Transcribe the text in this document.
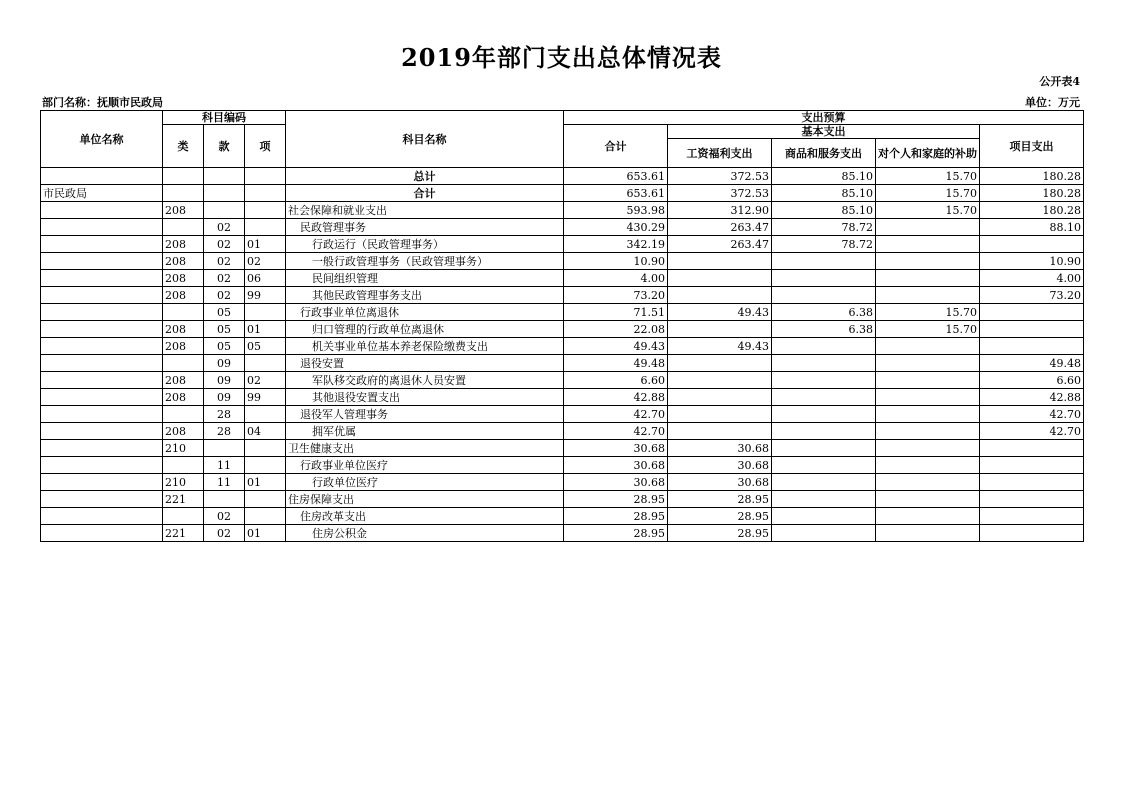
2019年部门支出总体情况表
公开表4
部门名称：抚顺市民政局	单位：万元
单位名称	科目编码			科目名称	支出预算				
	类	款	项		合计	基本支出			项目支出
						工资福利支出	商品和服务支出	对个人和家庭的补助	
				总计	653.61	372.53	85.10	15.70	180.28
市民政局				合计	653.61	372.53	85.10	15.70	180.28
	208			社会保障和就业支出	593.98	312.90	85.10	15.70	180.28
		02		民政管理事务	430.29	263.47	78.72		88.10
	208	02	01	行政运行（民政管理事务）	342.19	263.47	78.72		
	208	02	02	一般行政管理事务（民政管理事务）	10.90				10.90
	208	02	06	民间组织管理	4.00				4.00
	208	02	99	其他民政管理事务支出	73.20				73.20
		05		行政事业单位离退休	71.51	49.43	6.38	15.70	
	208	05	01	归口管理的行政单位离退休	22.08		6.38	15.70	
	208	05	05	机关事业单位基本养老保险缴费支出	49.43	49.43			
		09		退役安置	49.48				49.48
	208	09	02	军队移交政府的离退休人员安置	6.60				6.60
	208	09	99	其他退役安置支出	42.88				42.88
		28		退役军人管理事务	42.70				42.70
	208	28	04	拥军优属	42.70				42.70
	210			卫生健康支出	30.68	30.68			
		11		行政事业单位医疗	30.68	30.68			
	210	11	01	行政单位医疗	30.68	30.68			
	221			住房保障支出	28.95	28.95			
		02		住房改革支出	28.95	28.95			
	221	02	01	住房公积金	28.95	28.95			
